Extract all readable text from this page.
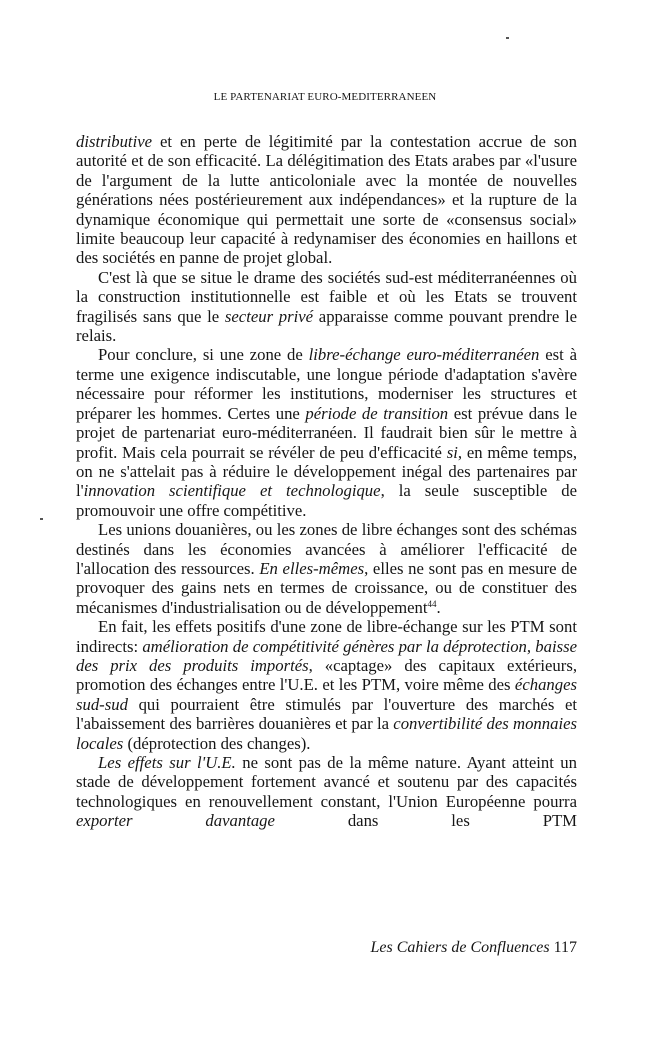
LE PARTENARIAT EURO-MEDITERRANEEN

distributive et en perte de légitimité par la contestation accrue de son autorité et de son efficacité. La délégitimation des Etats arabes par «l'usure de l'argument de la lutte anticoloniale avec la montée de nouvelles générations nées postérieurement aux indépendances» et la rupture de la dynamique économique qui permettait une sorte de «consensus social» limite beaucoup leur capacité à redynamiser des économies en haillons et des sociétés en panne de projet global.

C'est là que se situe le drame des sociétés sud-est méditerranéennes où la construction institutionnelle est faible et où les Etats se trouvent fragilisés sans que le secteur privé apparaisse comme pouvant prendre le relais.

Pour conclure, si une zone de libre-échange euro-méditerranéen est à terme une exigence indiscutable, une longue période d'adaptation s'avère nécessaire pour réformer les institutions, moderniser les structures et préparer les hommes. Certes une période de transition est prévue dans le projet de partenariat euro-méditerranéen. Il faudrait bien sûr le mettre à profit. Mais cela pourrait se révéler de peu d'efficacité si, en même temps, on ne s'attelait pas à réduire le développement inégal des partenaires par l'innovation scientifique et technologique, la seule susceptible de promouvoir une offre compétitive.

Les unions douanières, ou les zones de libre échanges sont des schémas destinés dans les économies avancées à améliorer l'efficacité de l'allocation des ressources. En elles-mêmes, elles ne sont pas en mesure de provoquer des gains nets en termes de croissance, ou de constituer des mécanismes d'industrialisation ou de développement$^{44}$.

En fait, les effets positifs d'une zone de libre-échange sur les PTM sont indirects: amélioration de compétitivité génères par la déprotection, baisse des prix des produits importés, «captage» des capitaux extérieurs, promotion des échanges entre l'U.E. et les PTM, voire même des échanges sud-sud qui pourraient être stimulés par l'ouverture des marchés et l'abaissement des barrières douanières et par la convertibilité des monnaies locales (déprotection des changes).

Les effets sur l'U.E. ne sont pas de la même nature. Ayant atteint un stade de développement fortement avancé et soutenu par des capacités technologiques en renouvellement constant, l'Union Européenne pourra exporter davantage dans les PTM

Les Cahiers de Confluences 117
